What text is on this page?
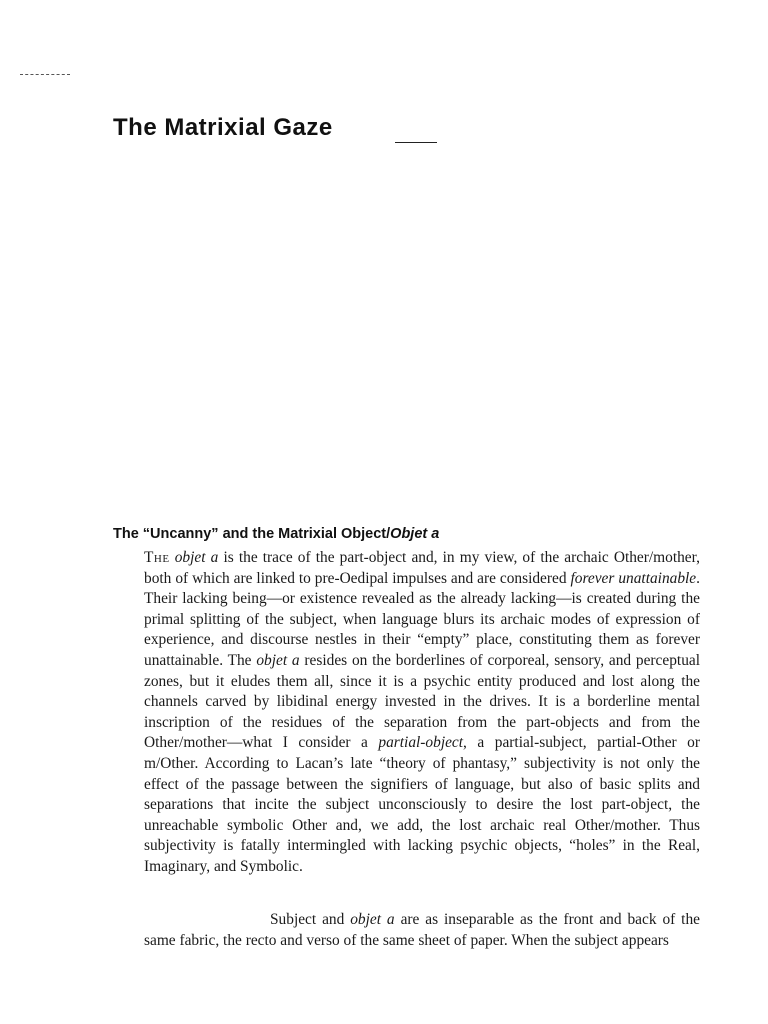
The Matrixial Gaze
The “Uncanny” and the Matrixial Object/Objet a

The objet a is the trace of the part-object and, in my view, of the archaic Other/mother, both of which are linked to pre-Oedipal impulses and are considered forever unattainable. Their lacking being—or existence revealed as the already lacking—is created during the primal splitting of the subject, when language blurs its archaic modes of expression of experience, and discourse nestles in their “empty” place, constituting them as forever unattainable. The objet a resides on the borderlines of corporeal, sensory, and perceptual zones, but it eludes them all, since it is a psychic entity produced and lost along the channels carved by libidinal energy invested in the drives. It is a borderline mental inscription of the residues of the separation from the part-objects and from the Other/mother—what I consider a partial-object, a partial-subject, partial-Other or m/Other. According to Lacan’s late “theory of phantasy,” subjectivity is not only the effect of the passage between the signifiers of language, but also of basic splits and separations that incite the subject unconsciously to desire the lost part-object, the unreachable symbolic Other and, we add, the lost archaic real Other/mother. Thus subjectivity is fatally intermingled with lacking psychic objects, “holes” in the Real, Imaginary, and Symbolic.

Subject and objet a are as inseparable as the front and back of the same fabric, the recto and verso of the same sheet of paper. When the subject appears
